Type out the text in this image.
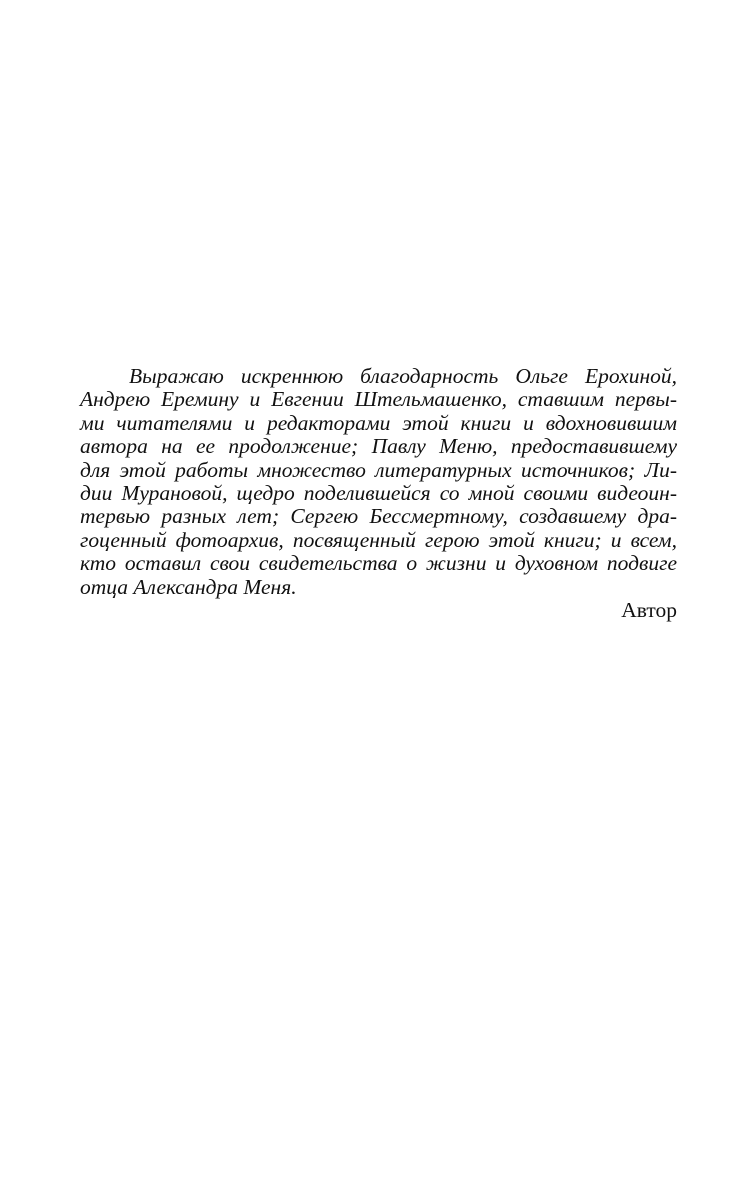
Выражаю искреннюю благодарность Ольге Ерохиной,
Андрею Еремину и Евгении Штельмашенко, ставшим первы-
ми читателями и редакторами этой книги и вдохновившим
автора на ее продолжение; Павлу Меню, предоставившему
для этой работы множество литературных источников; Ли-
дии Мурановой, щедро поделившейся со мной своими видеоин-
тервью разных лет; Сергею Бессмертному, создавшему дра-
гоценный фотоархив, посвященный герою этой книги; и всем,
кто оставил свои свидетельства о жизни и духовном подвиге
отца Александра Меня.
Автор
